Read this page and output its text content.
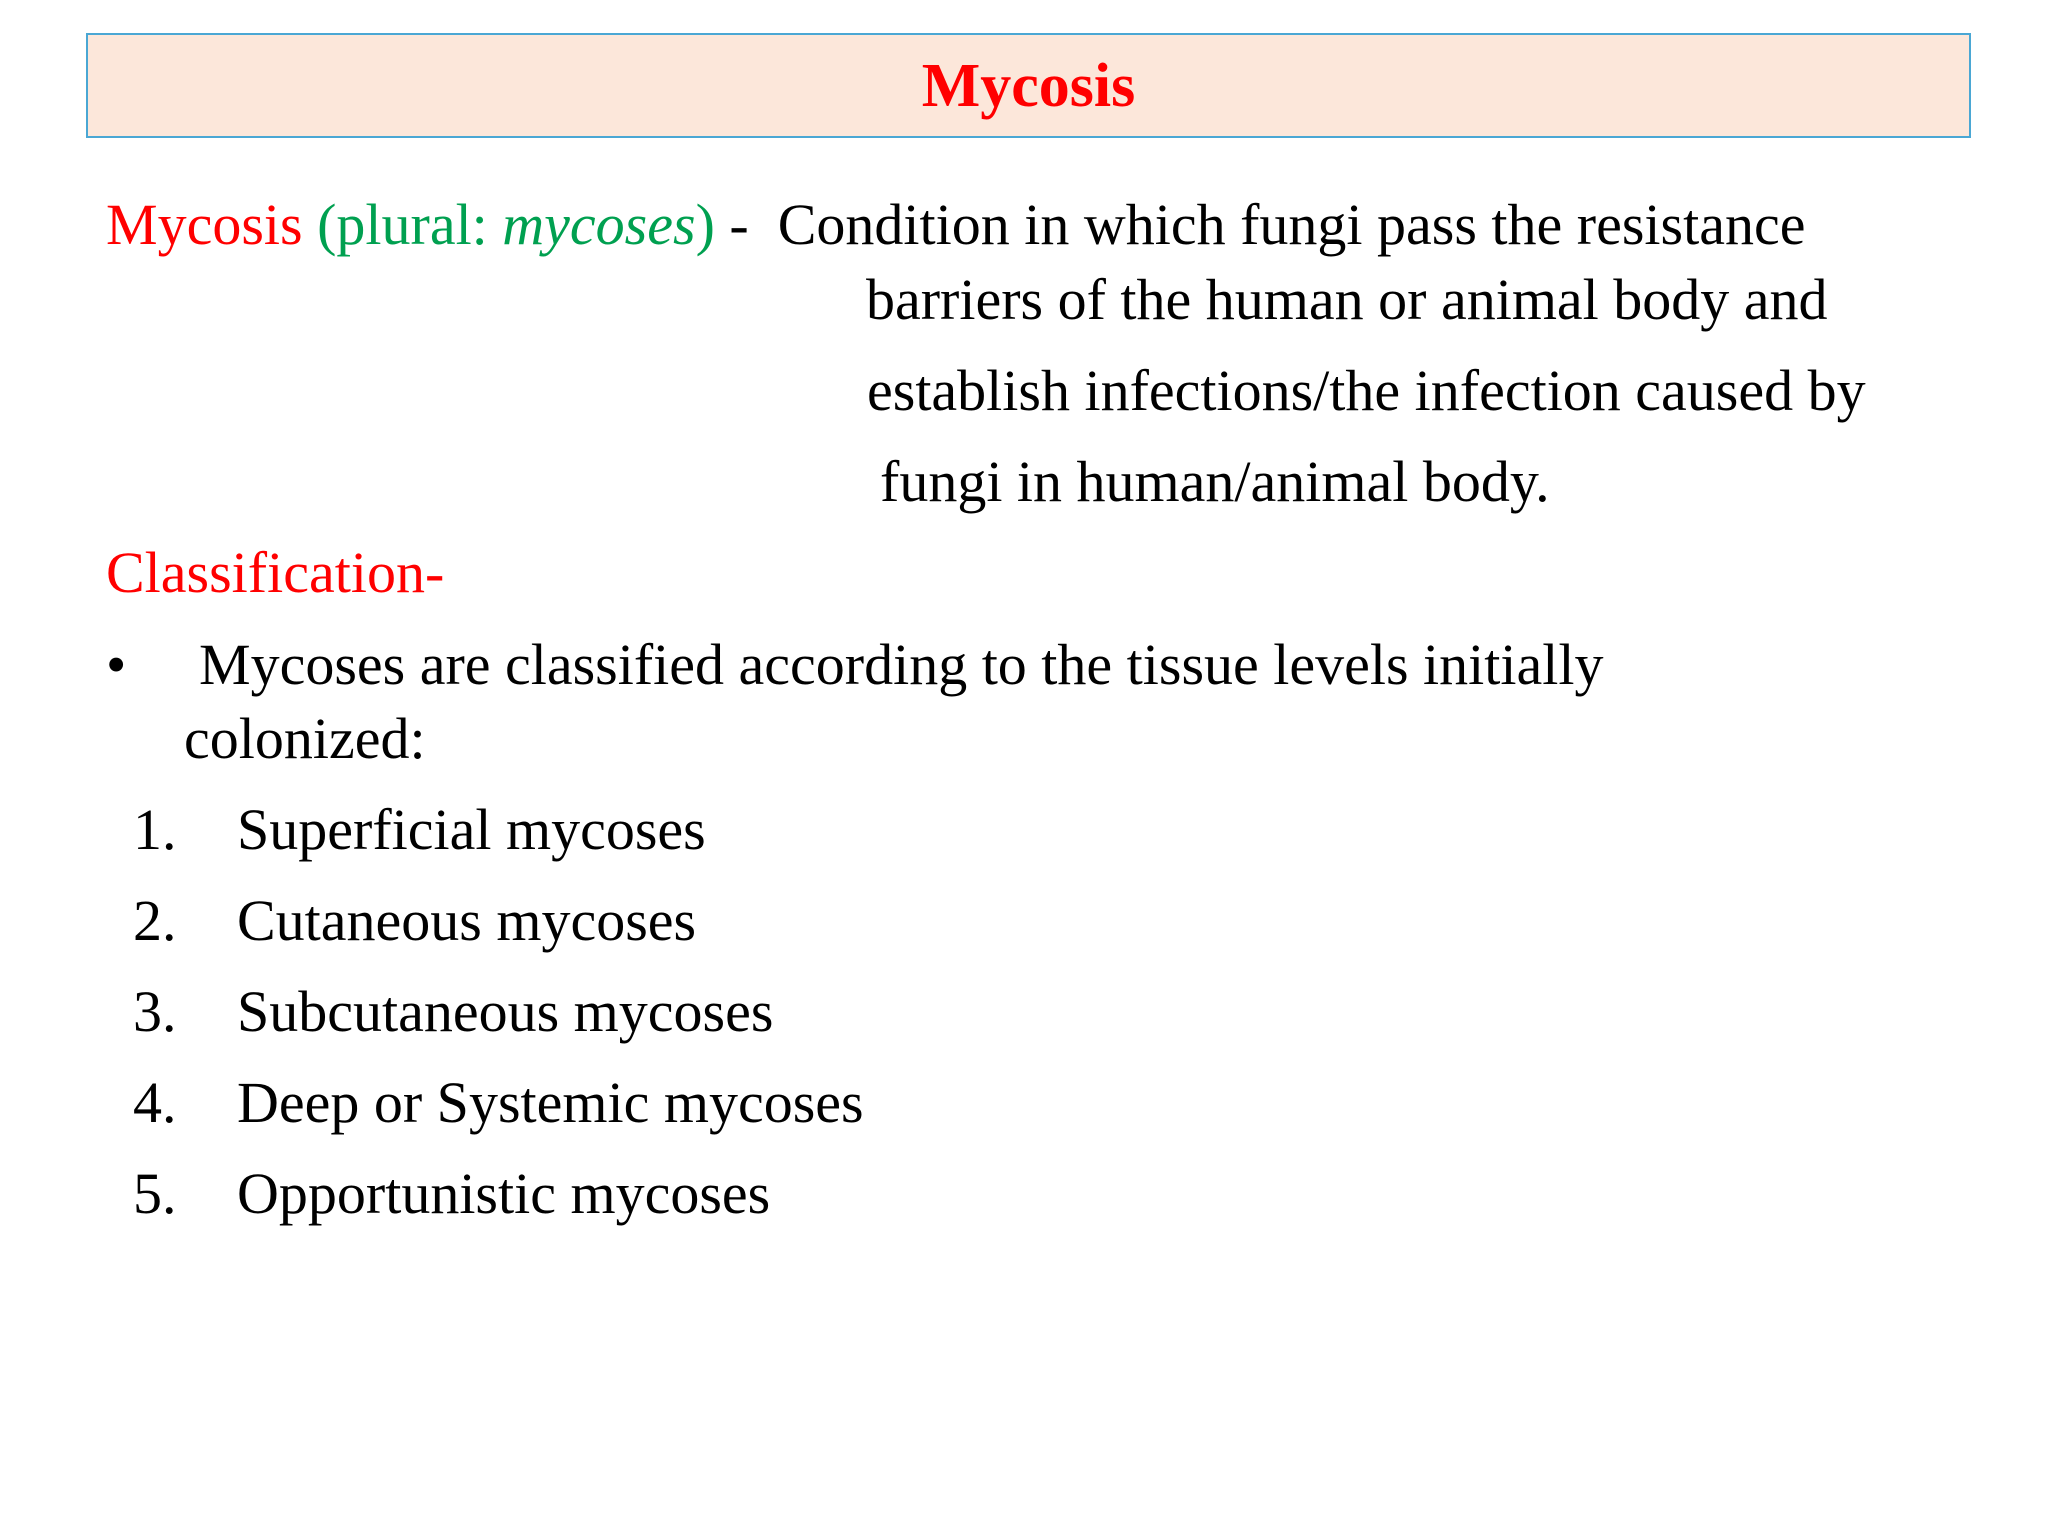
Mycosis
Mycosis (plural: mycoses) -  Condition in which fungi pass the resistance
barriers of the human or animal body and
establish infections/the infection caused by
fungi in human/animal body.
Classification-
• Mycoses are classified according to the tissue levels initially
colonized:
1. Superficial mycoses
2. Cutaneous mycoses
3. Subcutaneous mycoses
4. Deep or Systemic mycoses
5. Opportunistic mycoses
